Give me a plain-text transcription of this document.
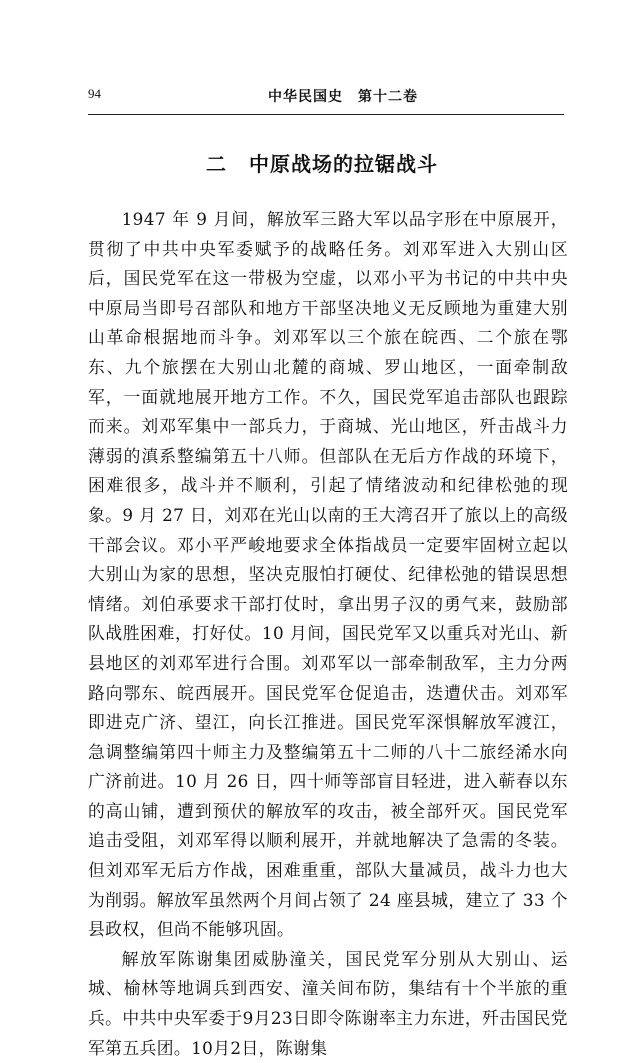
94	中华民国史　第十二卷
二 中原战场的拉锯战斗

1947 年 9 月间，解放军三路大军以品字形在中原展开，贯彻了中共中央军委赋予的战略任务。刘邓军进入大别山区后，国民党军在这一带极为空虚，以邓小平为书记的中共中央中原局当即号召部队和地方干部坚决地义无反顾地为重建大别山革命根据地而斗争。刘邓军以三个旅在皖西、二个旅在鄂东、九个旅摆在大别山北麓的商城、罗山地区，一面牵制敌军，一面就地展开地方工作。不久，国民党军追击部队也跟踪而来。刘邓军集中一部兵力，于商城、光山地区，歼击战斗力薄弱的滇系整编第五十八师。但部队在无后方作战的环境下，困难很多，战斗并不顺利，引起了情绪波动和纪律松弛的现象。9 月 27 日，刘邓在光山以南的王大湾召开了旅以上的高级干部会议。邓小平严峻地要求全体指战员一定要牢固树立起以大别山为家的思想，坚决克服怕打硬仗、纪律松弛的错误思想情绪。刘伯承要求干部打仗时，拿出男子汉的勇气来，鼓励部队战胜困难，打好仗。10 月间，国民党军又以重兵对光山、新县地区的刘邓军进行合围。刘邓军以一部牵制敌军，主力分两路向鄂东、皖西展开。国民党军仓促追击，迭遭伏击。刘邓军即进克广济、望江，向长江推进。国民党军深惧解放军渡江，急调整编第四十师主力及整编第五十二师的八十二旅经浠水向广济前进。10 月 26 日，四十师等部盲目轻进，进入蕲春以东的高山铺，遭到预伏的解放军的攻击，被全部歼灭。国民党军追击受阻，刘邓军得以顺利展开，并就地解决了急需的冬装。但刘邓军无后方作战，困难重重，部队大量减员，战斗力也大为削弱。解放军虽然两个月间占领了 24 座县城，建立了 33 个县政权，但尚不能够巩固。

解放军陈谢集团威胁潼关，国民党军分别从大别山、运城、榆林等地调兵到西安、潼关间布防，集结有十个半旅的重兵。中共中央军委于9月23日即令陈谢率主力东进，歼击国民党军第五兵团。10月2日，陈谢集
